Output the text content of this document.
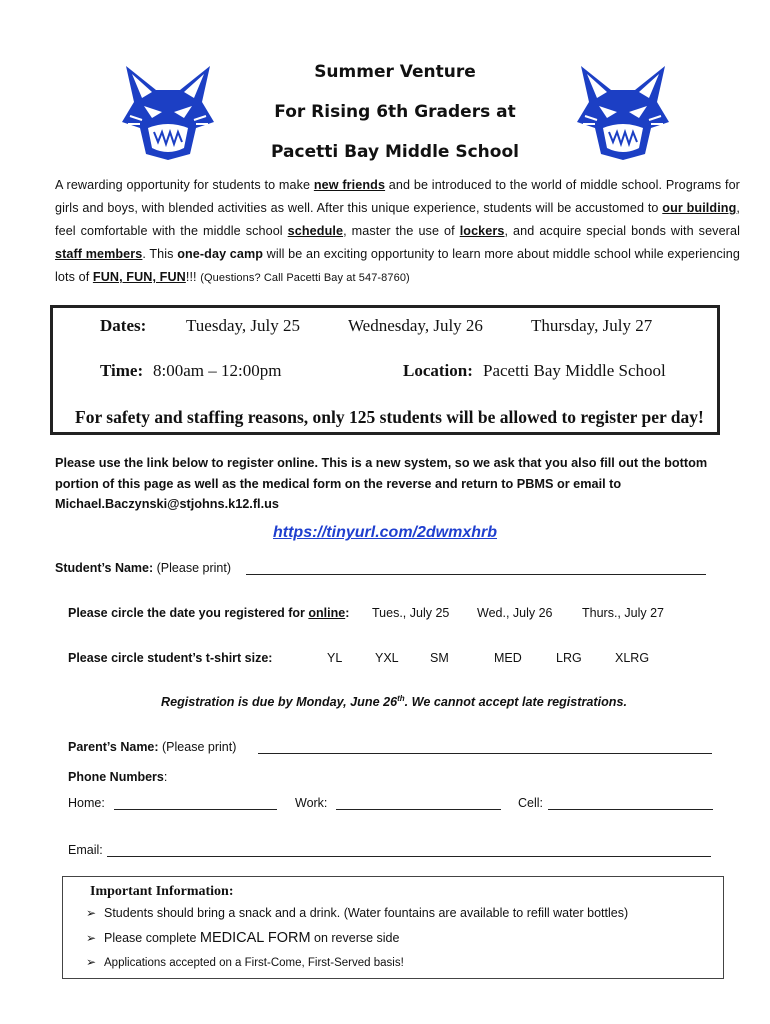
Summer Venture
For Rising 6th Graders at
Pacetti Bay Middle School
A rewarding opportunity for students to make new friends and be introduced to the world of middle school. Programs for girls and boys, with blended activities as well. After this unique experience, students will be accustomed to our building, feel comfortable with the middle school schedule, master the use of lockers, and acquire special bonds with several staff members. This one-day camp will be an exciting opportunity to learn more about middle school while experiencing lots of FUN, FUN, FUN!!! (Questions? Call Pacetti Bay at 547-8760)
Dates: Tuesday, July 25	Wednesday, July 26	Thursday, July 27
Time: 8:00am – 12:00pm	Location: Pacetti Bay Middle School
For safety and staffing reasons, only 125 students will be allowed to register per day!
Please use the link below to register online. This is a new system, so we ask that you also fill out the bottom portion of this page as well as the medical form on the reverse and return to PBMS or email to Michael.Baczynski@stjohns.k12.fl.us
https://tinyurl.com/2dwmxhrb
Student’s Name: (Please print)
Please circle the date you registered for online: Tues., July 25 Wed., July 26 Thurs., July 27
Please circle student’s t-shirt size:	YL	YXL	SM	MED	LRG	XLRG
Registration is due by Monday, June 26th. We cannot accept late registrations.
Parent’s Name: (Please print)
Phone Numbers:
Home:	Work:	Cell:
Email:
Important Information:
➢ Students should bring a snack and a drink. (Water fountains are available to refill water bottles)
➢ Please complete MEDICAL FORM on reverse side
➢ Applications accepted on a First-Come, First-Served basis!
